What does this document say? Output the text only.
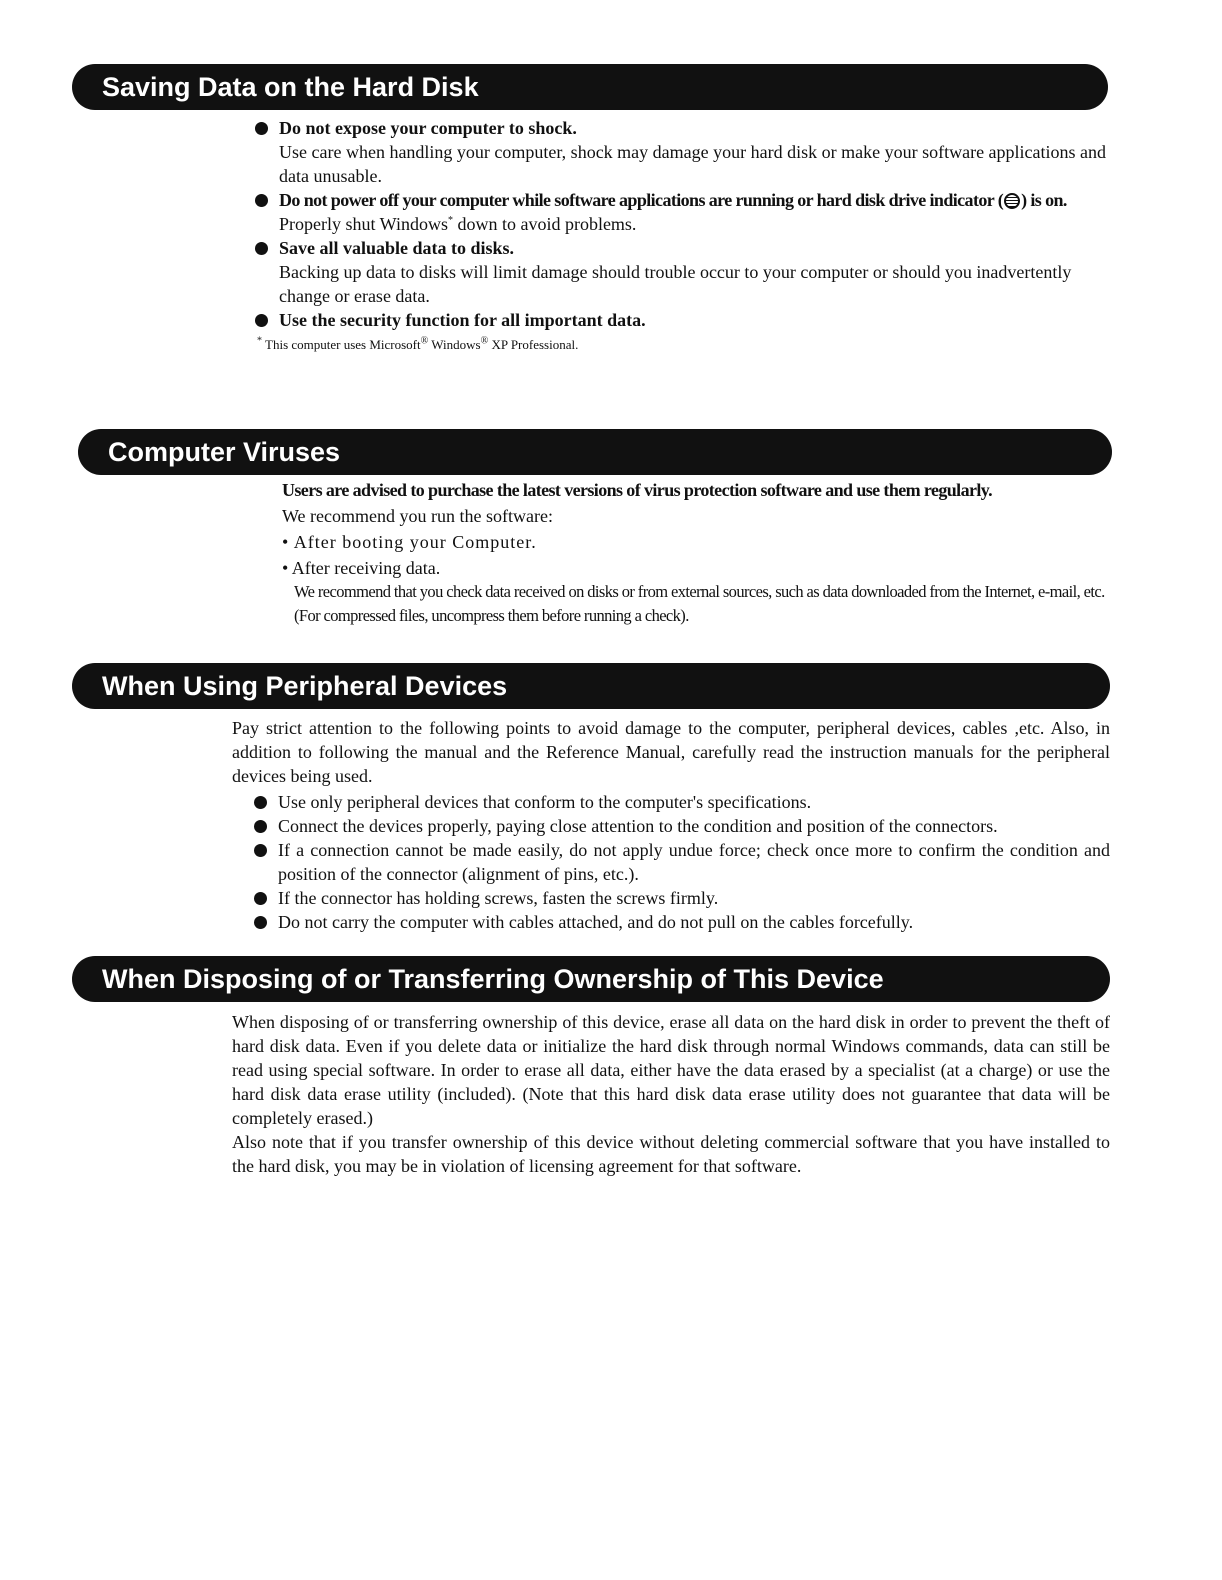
Saving Data on the Hard Disk
Do not expose your computer to shock.
Use care when handling your computer, shock may damage your hard disk or make your software applications and data unusable.
Do not power off your computer while software applications are running or hard disk drive indicator ( ) is on.
Properly shut Windows* down to avoid problems.
Save all valuable data to disks.
Backing up data to disks will limit damage should trouble occur to your computer or should you inadvertently change or erase data.
Use the security function for all important data.
* This computer uses Microsoft® Windows® XP Professional.
Computer Viruses
Users are advised to purchase the latest versions of virus protection software and use them regularly.
We recommend you run the software:
• After booting your Computer.
• After receiving data.
We recommend that you check data received on disks or from external sources, such as data downloaded from the Internet, e-mail, etc. (For compressed files, uncompress them before running a check).
When Using Peripheral Devices
Pay strict attention to the following points to avoid damage to the computer, peripheral devices, cables ,etc. Also, in addition to following the manual and the Reference Manual, carefully read the instruction manuals for the peripheral devices being used.
Use only peripheral devices that conform to the computer's specifications.
Connect the devices properly, paying close attention to the condition and position of the connectors.
If a connection cannot be made easily, do not apply undue force; check once more to confirm the condition and position of the connector (alignment of pins, etc.).
If the connector has holding screws, fasten the screws firmly.
Do not carry the computer with cables attached, and do not pull on the cables forcefully.
When Disposing of or Transferring Ownership of This Device
When disposing of or transferring ownership of this device, erase all data on the hard disk in order to prevent the theft of hard disk data. Even if you delete data or initialize the hard disk through normal Windows commands, data can still be read using special software. In order to erase all data, either have the data erased by a specialist (at a charge) or use the hard disk data erase utility (included). (Note that this hard disk data erase utility does not guarantee that data will be completely erased.)
Also note that if you transfer ownership of this device without deleting commercial software that you have installed to the hard disk, you may be in violation of licensing agreement for that software.
